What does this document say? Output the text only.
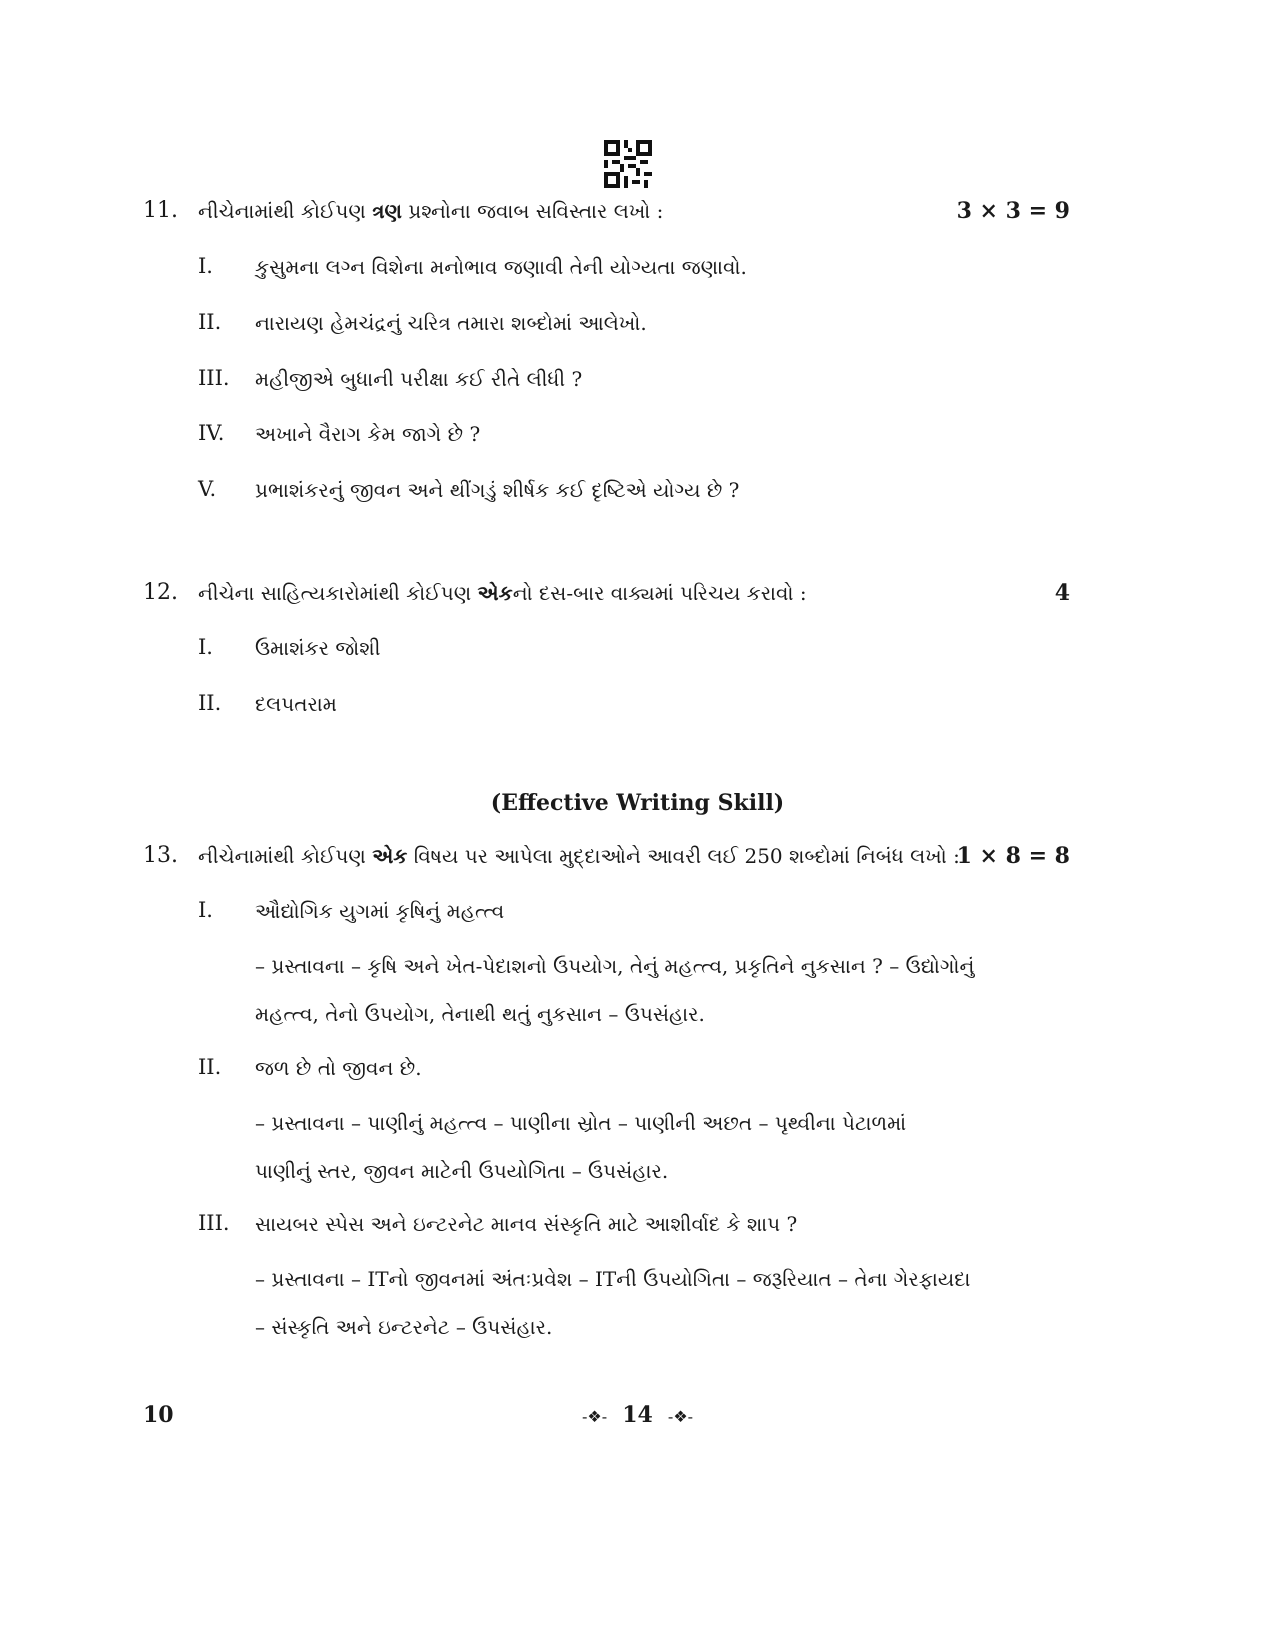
11. નીચેનામાંથી કોઈપણ ત્રણ પ્રશ્નોના જવાબ સવિસ્તાર લખો :	3 × 3 = 9
I. કુસુમના લગ્ન વિશેના મનોભાવ જણાવી તેની યોગ્યતા જણાવો.
II. નારાયણ હેમચંદ્રનું ચરિત્ર તમારા શબ્દોમાં આલેખો.
III. મહીજીએ બુધાની પરીક્ષા કઈ રીતે લીધી ?
IV. અખાને વૈરાગ કેમ જાગે છે ?
V. પ્રભાશંકરનું જીવન અને થીંગડું શીર્ષક કઈ દૃષ્ટિએ યોગ્ય છે ?
12. નીચેના સાહિત્યકારોમાંથી કોઈપણ એકનો દસ-બાર વાક્યમાં પરિચય કરાવો :	4
I. ઉમાશંકર જોશી
II. દલપતરામ
(Effective Writing Skill)
13. નીચેનામાંથી કોઈપણ એક વિષય પર આપેલા મુદ્દાઓને આવરી લઈ 250 શબ્દોમાં નિબંધ લખો :
1 × 8 = 8
I. ઔદ્યોગિક યુગમાં કૃષિનું મહત્ત્વ
– પ્રસ્તાવના – કૃષિ અને ખેત-પેદાશનો ઉપયોગ, તેનું મહત્ત્વ, પ્રકૃતિને નુકસાન ? – ઉદ્યોગોનું
મહત્ત્વ, તેનો ઉપયોગ, તેનાથી થતું નુકસાન – ઉપસંહાર.
II. જળ છે તો જીવન છે.
– પ્રસ્તાવના – પાણીનું મહત્ત્વ – પાણીના સ્રોત – પાણીની અછત – પૃથ્વીના પેટાળમાં
પાણીનું સ્તર, જીવન માટેની ઉપયોગિતા – ઉપસંહાર.
III. સાયબર સ્પેસ અને ઇન્ટરનેટ માનવ સંસ્કૃતિ માટે આશીર્વાદ કે શાપ ?
– પ્રસ્તાવના – ITનો જીવનમાં અંતઃપ્રવેશ – ITની ઉપયોગિતા – જરૂરિયાત – તેના ગેરફાયદા
– સંસ્કૃતિ અને ઇન્ટરનેટ – ઉપસંહાર.
10	-❖- 14 -❖-
